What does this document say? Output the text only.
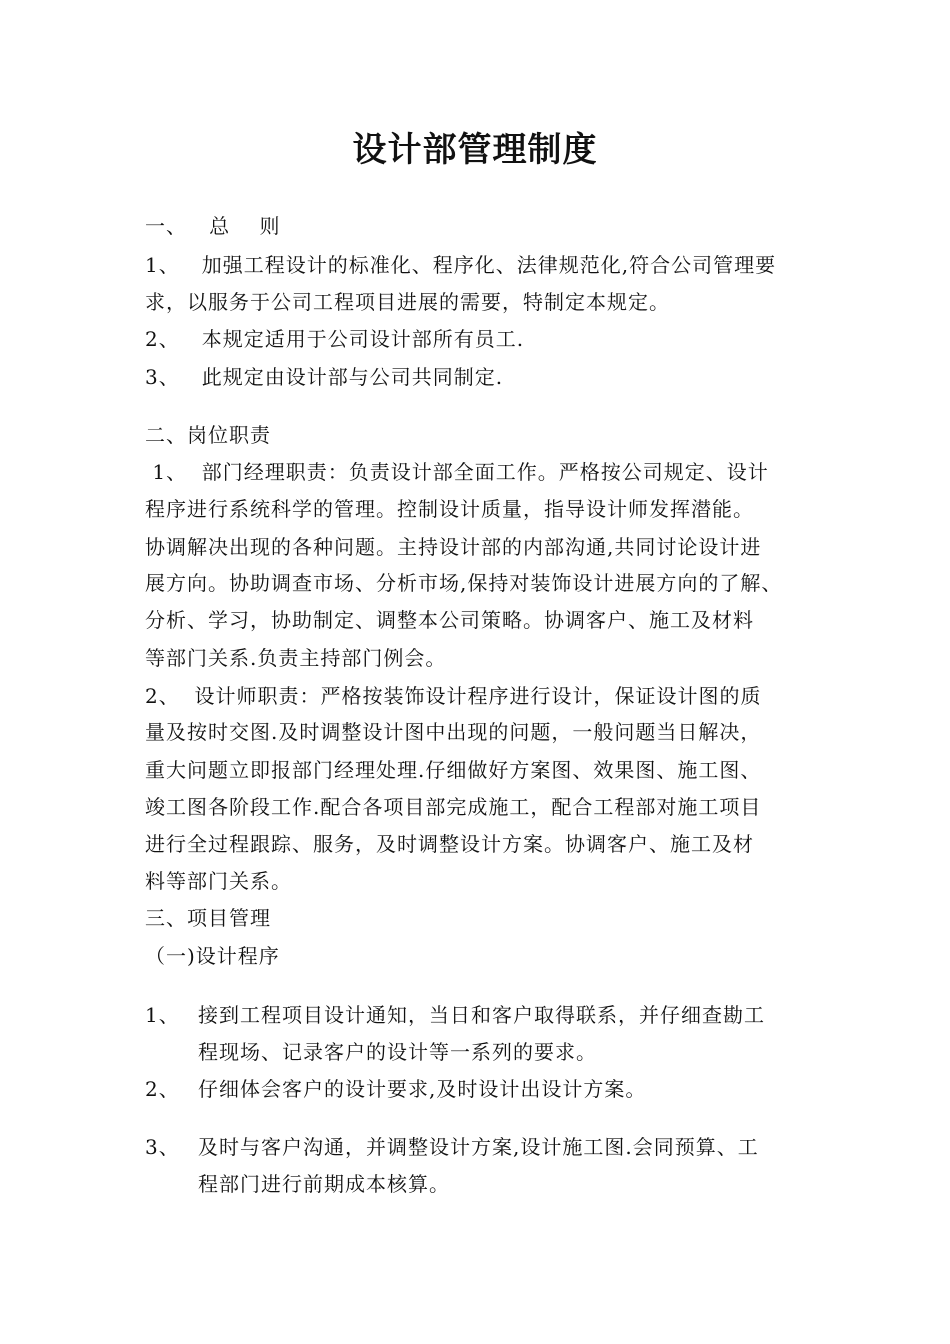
设计部管理制度
一、   总    则
1、   加强工程设计的标准化、程序化、法律规范化,符合公司管理要
求，以服务于公司工程项目进展的需要，特制定本规定。
2、   本规定适用于公司设计部所有员工.
3、   此规定由设计部与公司共同制定.
二、岗位职责
1、  部门经理职责：负责设计部全面工作。严格按公司规定、设计
程序进行系统科学的管理。控制设计质量，指导设计师发挥潜能。
协调解决出现的各种问题。主持设计部的内部沟通,共同讨论设计进
展方向。协助调查市场、分析市场,保持对装饰设计进展方向的了解、
分析、学习，协助制定、调整本公司策略。协调客户、施工及材料
等部门关系.负责主持部门例会。
2、  设计师职责：严格按装饰设计程序进行设计，保证设计图的质
量及按时交图.及时调整设计图中出现的问题，一般问题当日解决，
重大问题立即报部门经理处理.仔细做好方案图、效果图、施工图、
竣工图各阶段工作.配合各项目部完成施工，配合工程部对施工项目
进行全过程跟踪、服务，及时调整设计方案。协调客户、施工及材
料等部门关系。
三、项目管理
（一)设计程序
1、 接到工程项目设计通知，当日和客户取得联系，并仔细查勘工
程现场、记录客户的设计等一系列的要求。
2、 仔细体会客户的设计要求,及时设计出设计方案。
3、 及时与客户沟通，并调整设计方案,设计施工图.会同预算、工
程部门进行前期成本核算。
